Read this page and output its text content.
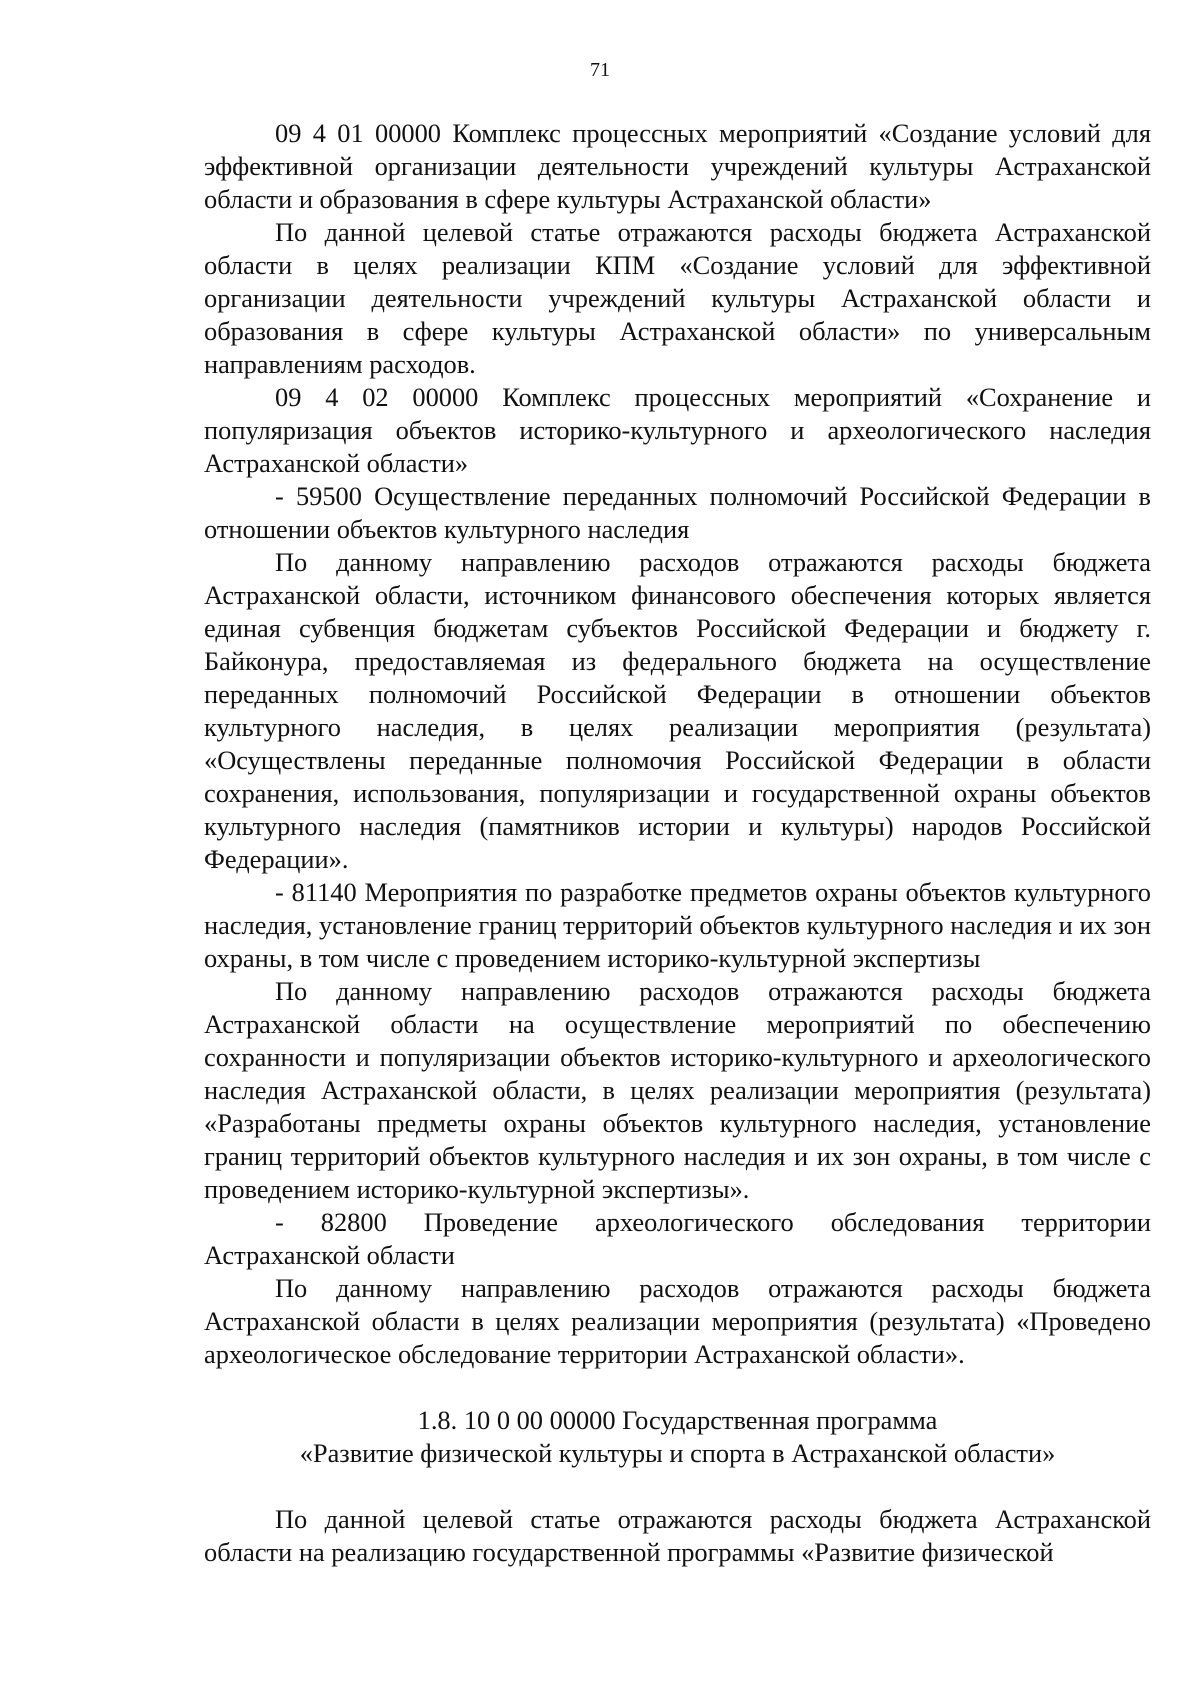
71

09 4 01 00000 Комплекс процессных мероприятий «Создание условий для эффективной организации деятельности учреждений культуры Астраханской области и образования в сфере культуры Астраханской области»

По данной целевой статье отражаются расходы бюджета Астраханской области в целях реализации КПМ «Создание условий для эффективной организации деятельности учреждений культуры Астраханской области и образования в сфере культуры Астраханской области» по универсальным направлениям расходов.

09 4 02 00000 Комплекс процессных мероприятий «Сохранение и популяризация объектов историко-культурного и археологического наследия Астраханской области»

- 59500 Осуществление переданных полномочий Российской Федерации в отношении объектов культурного наследия

По данному направлению расходов отражаются расходы бюджета Астраханской области, источником финансового обеспечения которых является единая субвенция бюджетам субъектов Российской Федерации и бюджету г. Байконура, предоставляемая из федерального бюджета на осуществление переданных полномочий Российской Федерации в отношении объектов культурного наследия, в целях реализации мероприятия (результата) «Осуществлены переданные полномочия Российской Федерации в области сохранения, использования, популяризации и государственной охраны объектов культурного наследия (памятников истории и культуры) народов Российской Федерации».

- 81140 Мероприятия по разработке предметов охраны объектов культурного наследия, установление границ территорий объектов культурного наследия и их зон охраны, в том числе с проведением историко-культурной экспертизы

По данному направлению расходов отражаются расходы бюджета Астраханской области на осуществление мероприятий по обеспечению сохранности и популяризации объектов историко-культурного и археологического наследия Астраханской области, в целях реализации мероприятия (результата) «Разработаны предметы охраны объектов культурного наследия, установление границ территорий объектов культурного наследия и их зон охраны, в том числе с проведением историко-культурной экспертизы».

- 82800 Проведение археологического обследования территории Астраханской области

По данному направлению расходов отражаются расходы бюджета Астраханской области в целях реализации мероприятия (результата) «Проведено археологическое обследование территории Астраханской области».

1.8. 10 0 00 00000 Государственная программа
«Развитие физической культуры и спорта в Астраханской области»

По данной целевой статье отражаются расходы бюджета Астраханской области на реализацию государственной программы «Развитие физической
